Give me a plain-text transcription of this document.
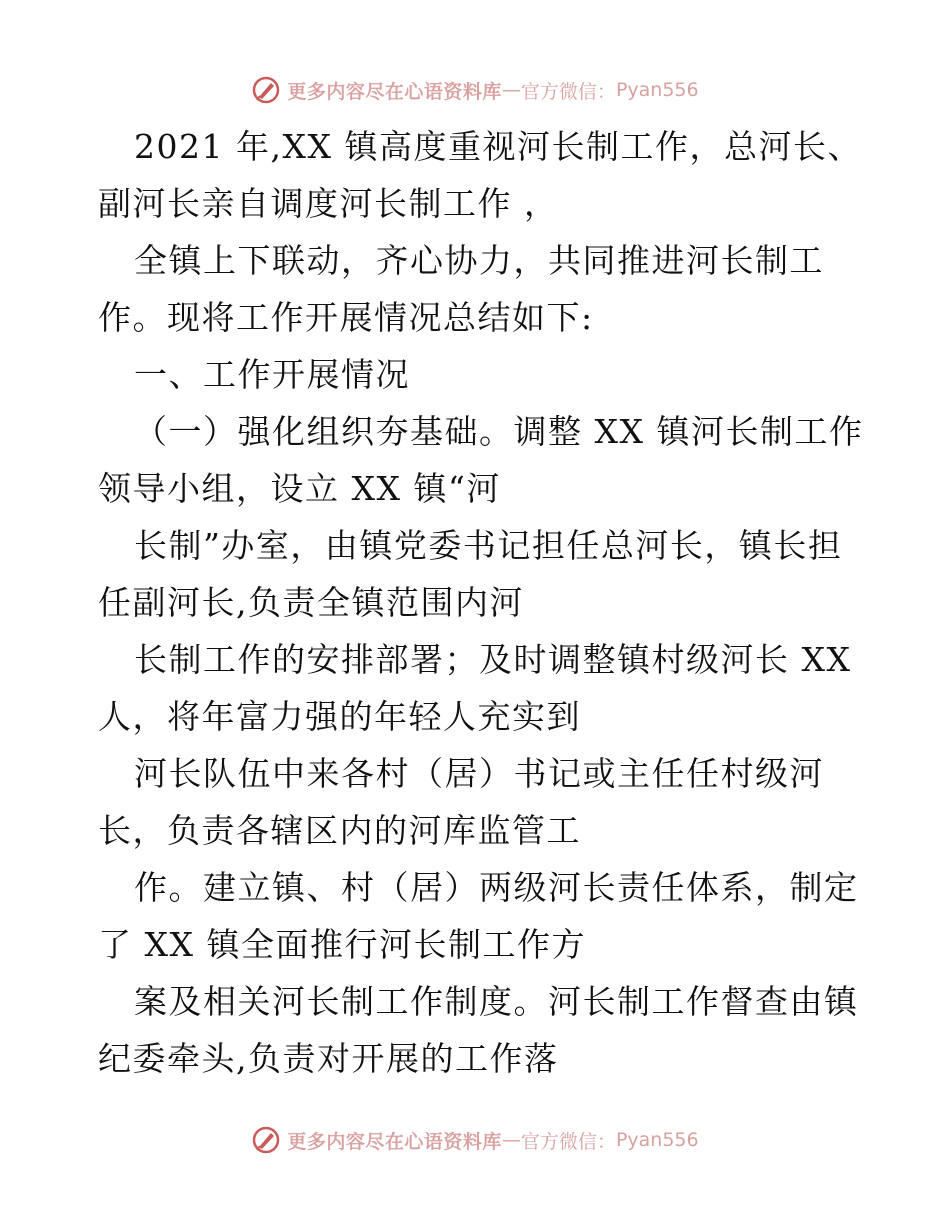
更多内容尽在心语资料库 — 官方微信： Pyan556
2021 年,XX 镇高度重视河长制工作，总河长、
副河长亲自调度河长制工作 ，
全镇上下联动，齐心协力，共同推进河长制工
作。现将工作开展情况总结如下:
一、工作开展情况
（一）强化组织夯基础。调整 XX 镇河长制工作
领导小组，设立 XX 镇“河
长制”办室，由镇党委书记担任总河长，镇长担
任副河长,负责全镇范围内河
长制工作的安排部署；及时调整镇村级河长 XX
人，将年富力强的年轻人充实到
河长队伍中来各村（居）书记或主任任村级河
长，负责各辖区内的河库监管工
作。建立镇、村（居）两级河长责任体系，制定
了 XX 镇全面推行河长制工作方
案及相关河长制工作制度。河长制工作督查由镇
纪委牵头,负责对开展的工作落
更多内容尽在心语资料库 — 官方微信： Pyan556
